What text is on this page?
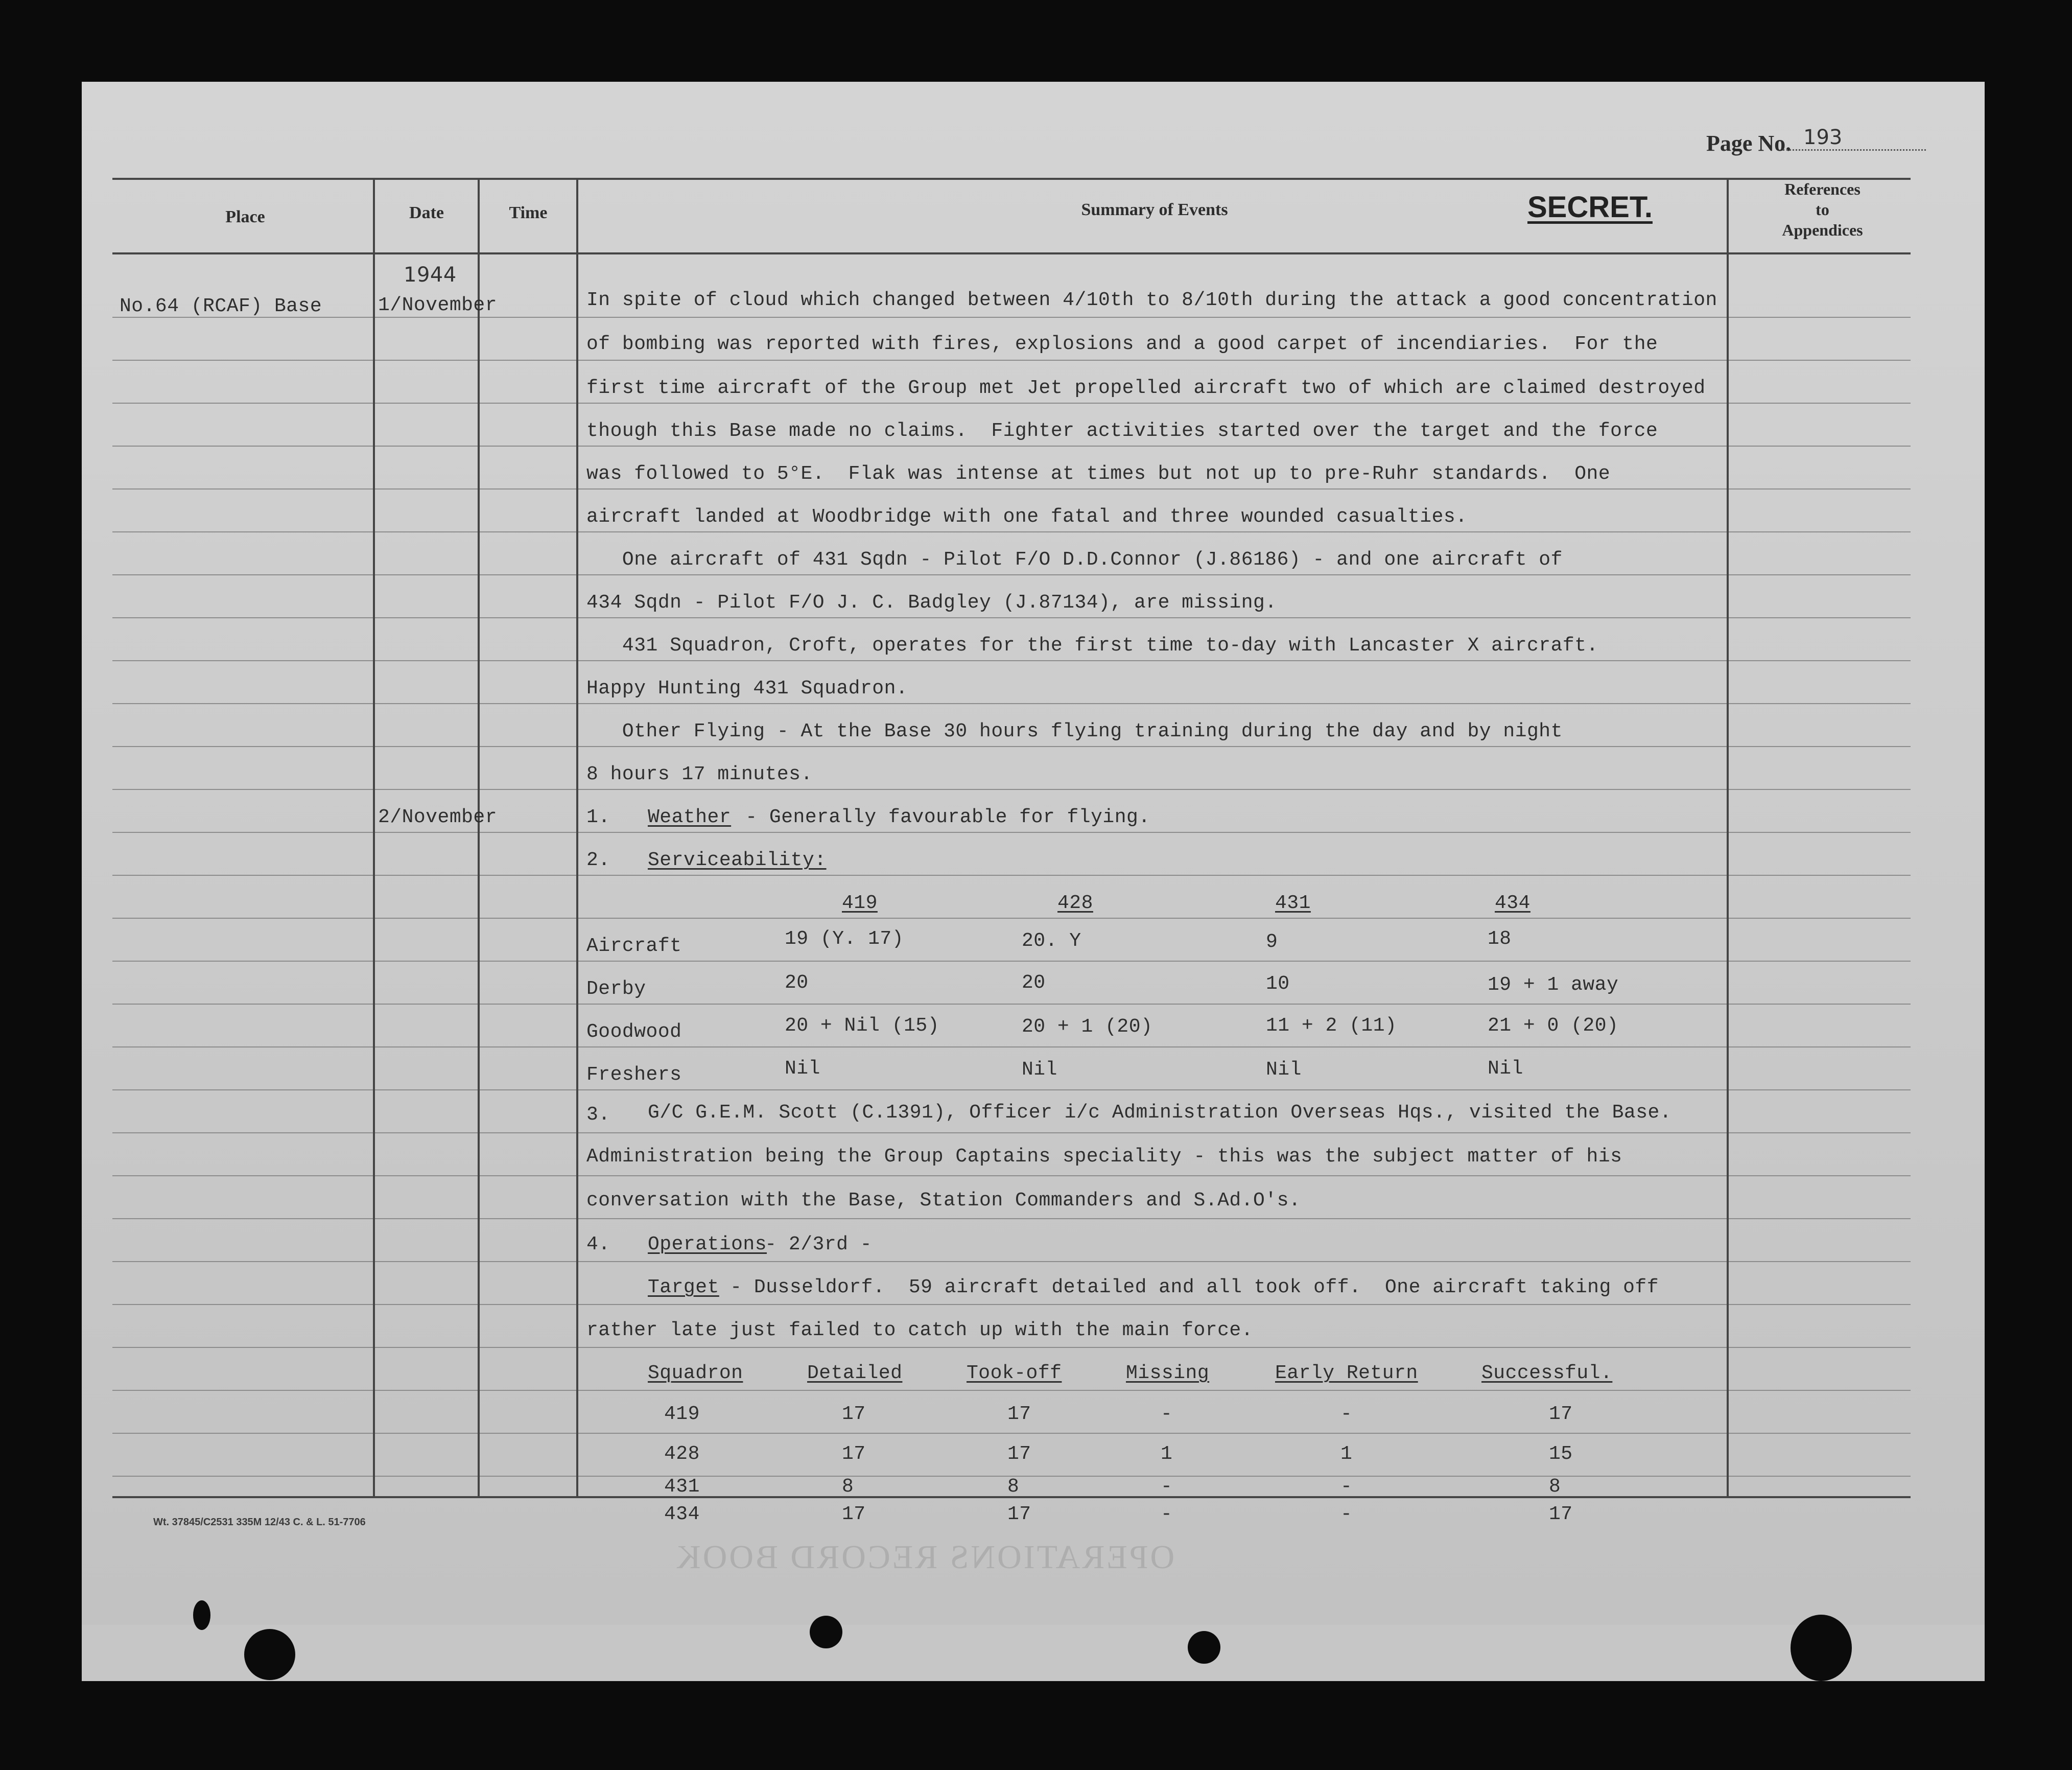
Page No. 193
Place	Date	Time	Summary of Events	SECRET.
References
to
Appendices
No.64 (RCAF) Base
1944
1/November	In spite of cloud which changed between 4/10th to 8/10th during the attack a good concentration
of bombing was reported with fires, explosions and a good carpet of incendiaries.  For the
first time aircraft of the Group met Jet propelled aircraft two of which are claimed destroyed
though this Base made no claims.  Fighter activities started over the target and the force
was followed to 5°E.  Flak was intense at times but not up to pre-Ruhr standards.  One
aircraft landed at Woodbridge with one fatal and three wounded casualties.
One aircraft of 431 Sqdn - Pilot F/O D.D.Connor (J.86186) - and one aircraft of
434 Sqdn - Pilot F/O J. C. Badgley (J.87134), are missing.
431 Squadron, Croft, operates for the first time to-day with Lancaster X aircraft.
Happy Hunting 431 Squadron.
Other Flying - At the Base 30 hours flying training during the day and by night
8 hours 17 minutes.
2/November	1. Weather - Generally favourable for flying.
2. Serviceability:
419	428	431	434
Aircraft	19 (Y. 17)	20. Y	9	18
Derby	20	20	10	19 + 1 away
Goodwood	20 + Nil (15)	20 + 1 (20)	11 + 2 (11)	21 + 0 (20)
Freshers	Nil	Nil	Nil	Nil
3. G/C G.E.M. Scott (C.1391), Officer i/c Administration Overseas Hqs., visited the Base.
Administration being the Group Captains speciality - this was the subject matter of his
conversation with the Base, Station Commanders and S.Ad.O's.
4. Operations
- 2/3rd -
Target
- Dusseldorf.  59 aircraft detailed and all took off.  One aircraft taking off
rather late just failed to catch up with the main force.
Squadron	Detailed	Took-off	Missing	Early Return	Successful.
419	17	17	-	-	17
428	17	17	1	1	15
431	8	8	-	-	8
434	17	17	-	-	17
Wt. 37845/C2531 335M 12/43 C. & L. 51-7706
OPERATIONS RECORD BOOK
